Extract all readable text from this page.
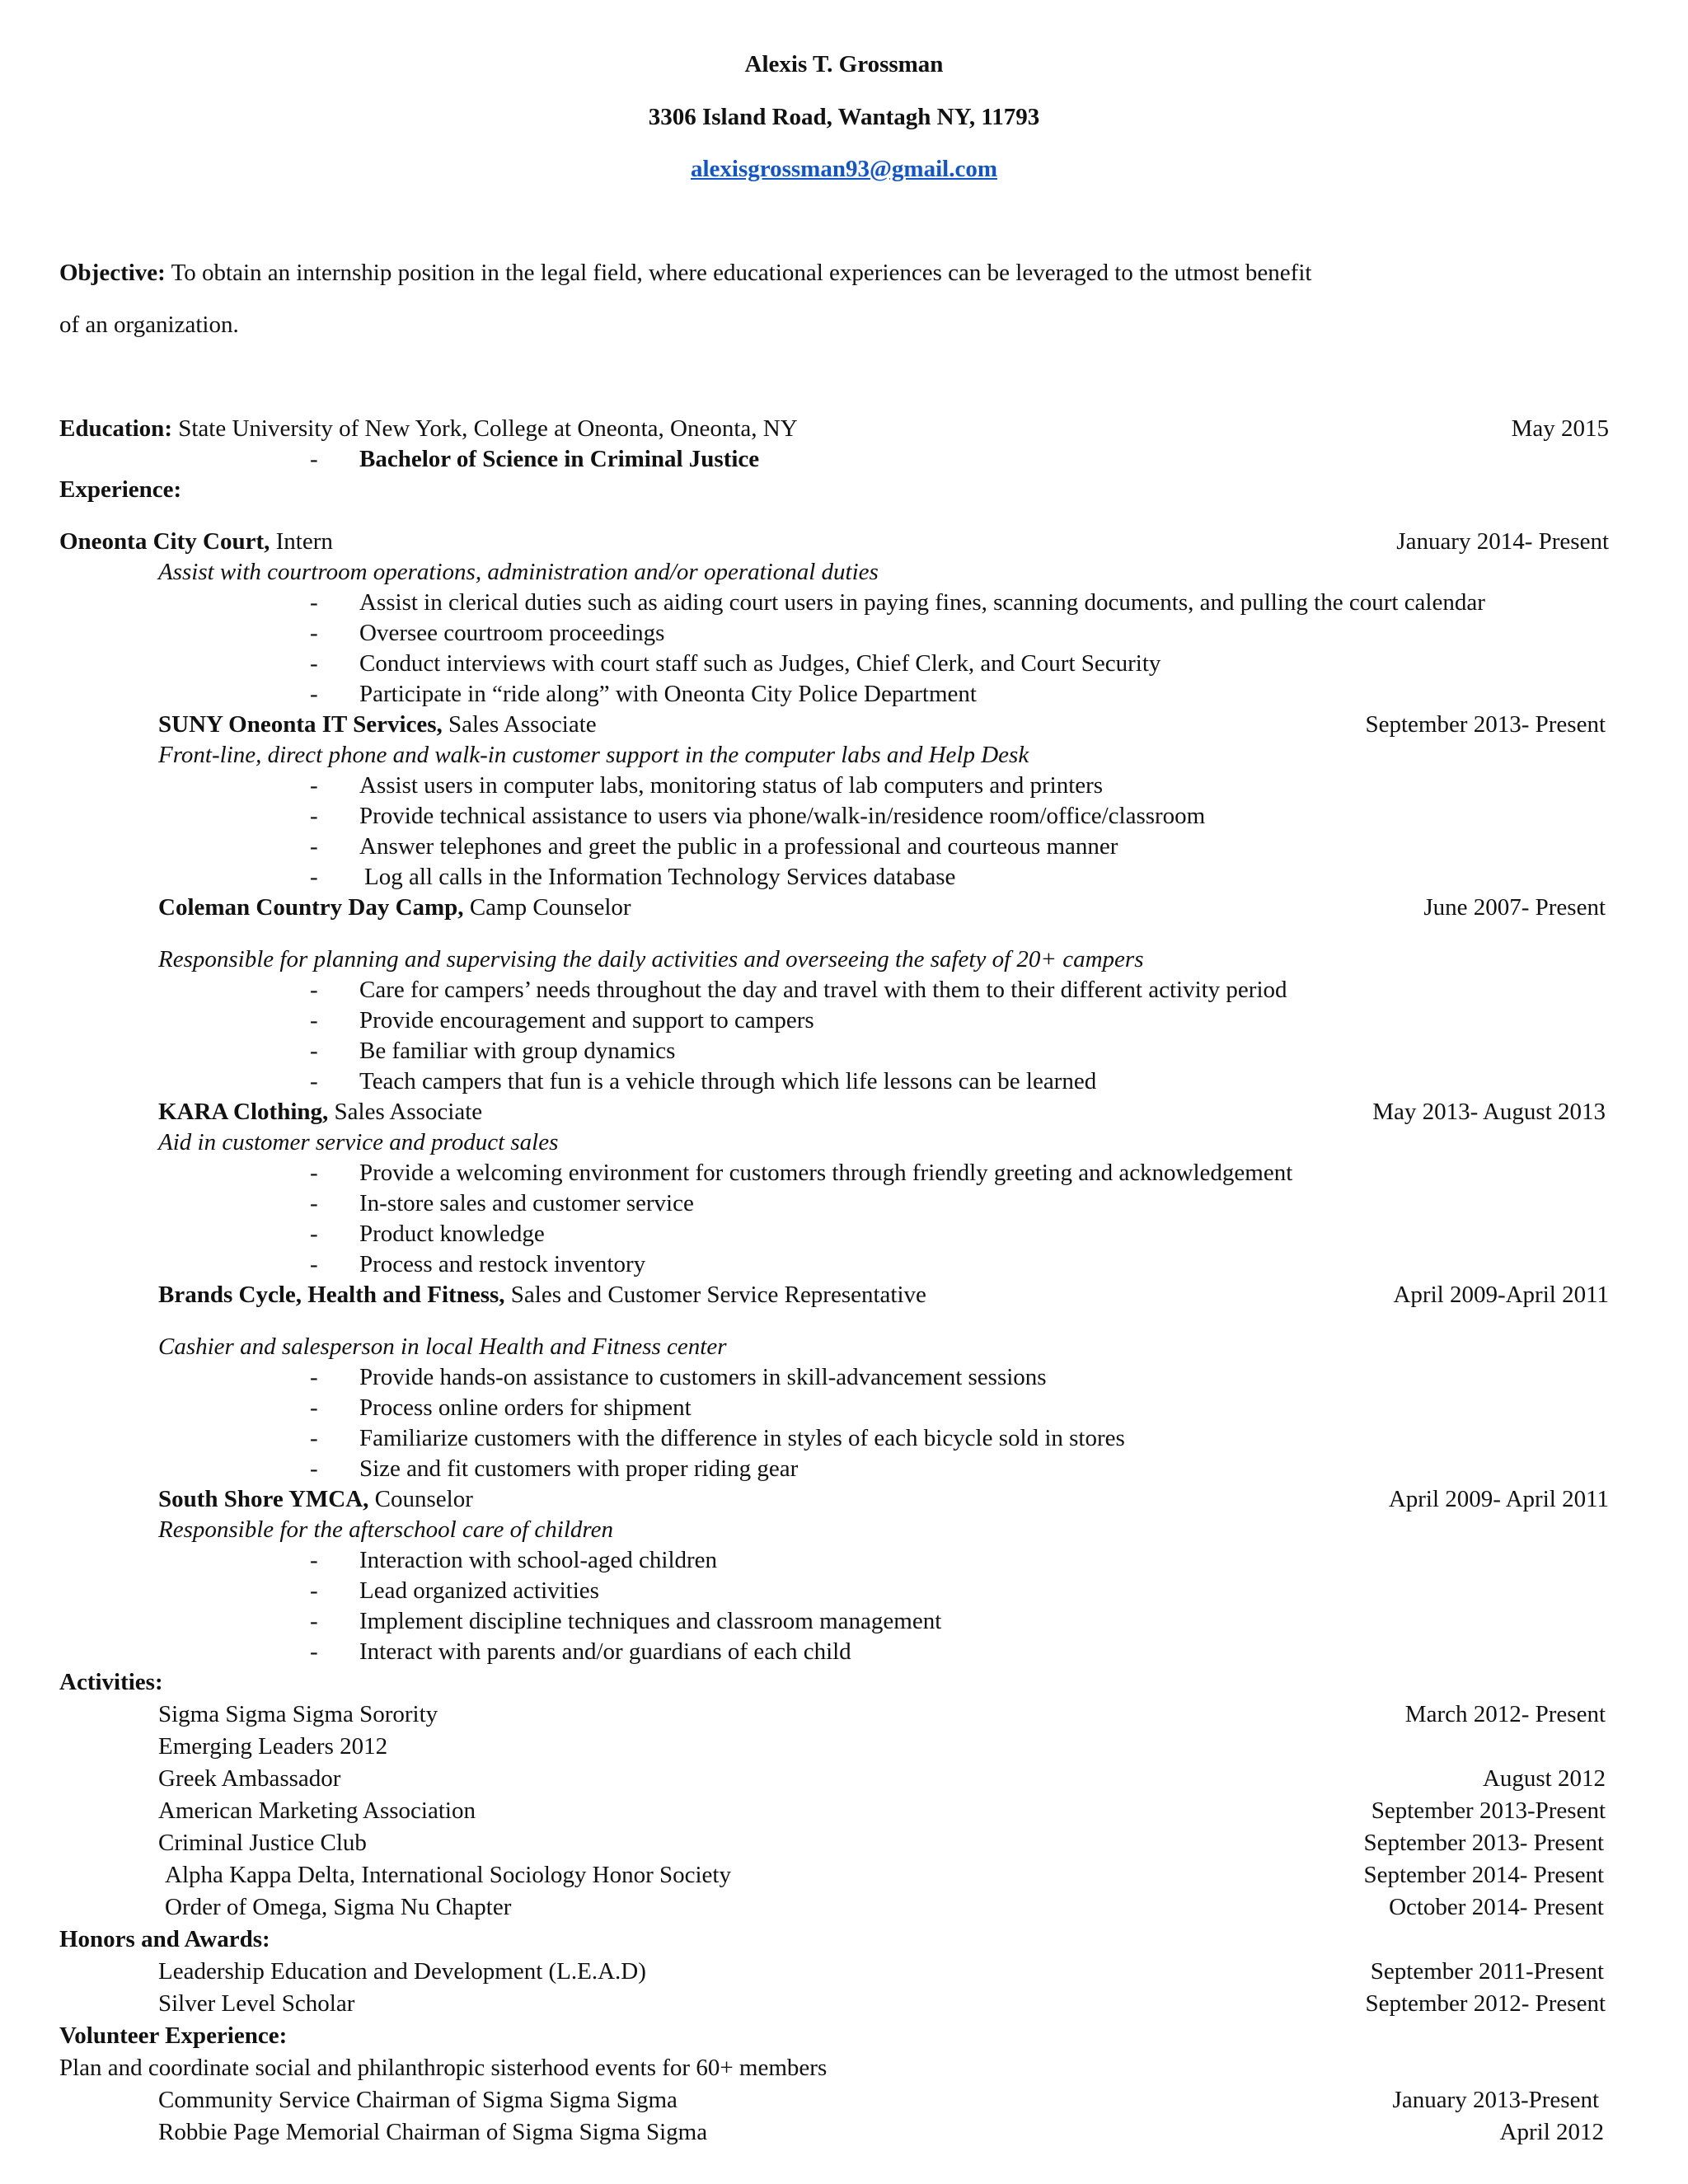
Alexis T. Grossman
3306 Island Road, Wantagh NY, 11793
alexisgrossman93@gmail.com
Objective: To obtain an internship position in the legal field, where educational experiences can be leveraged to the utmost benefit
of an organization.
Education: State University of New York, College at Oneonta, Oneonta, NY	May 2015
- Bachelor of Science in Criminal Justice
Experience:
Oneonta City Court, Intern	January 2014- Present
Assist with courtroom operations, administration and/or operational duties
- Assist in clerical duties such as aiding court users in paying fines, scanning documents, and pulling the court calendar
- Oversee courtroom proceedings
- Conduct interviews with court staff such as Judges, Chief Clerk, and Court Security
- Participate in “ride along” with Oneonta City Police Department
SUNY Oneonta IT Services, Sales Associate	September 2013- Present
Front-line, direct phone and walk-in customer support in the computer labs and Help Desk
- Assist users in computer labs, monitoring status of lab computers and printers
- Provide technical assistance to users via phone/walk-in/residence room/office/classroom
- Answer telephones and greet the public in a professional and courteous manner
- Log all calls in the Information Technology Services database
Coleman Country Day Camp, Camp Counselor	June 2007- Present
Responsible for planning and supervising the daily activities and overseeing the safety of 20+ campers
- Care for campers’ needs throughout the day and travel with them to their different activity period
- Provide encouragement and support to campers
- Be familiar with group dynamics
- Teach campers that fun is a vehicle through which life lessons can be learned
KARA Clothing, Sales Associate	May 2013- August 2013
Aid in customer service and product sales
- Provide a welcoming environment for customers through friendly greeting and acknowledgement
- In-store sales and customer service
- Product knowledge
- Process and restock inventory
Brands Cycle, Health and Fitness, Sales and Customer Service Representative	April 2009-April 2011
Cashier and salesperson in local Health and Fitness center
- Provide hands-on assistance to customers in skill-advancement sessions
- Process online orders for shipment
- Familiarize customers with the difference in styles of each bicycle sold in stores
- Size and fit customers with proper riding gear
South Shore YMCA, Counselor	April 2009- April 2011
Responsible for the afterschool care of children
- Interaction with school-aged children
- Lead organized activities
- Implement discipline techniques and classroom management
- Interact with parents and/or guardians of each child
Activities:
Sigma Sigma Sigma Sorority	March 2012- Present
Emerging Leaders 2012
Greek Ambassador	August 2012
American Marketing Association	September 2013-Present
Criminal Justice Club	September 2013- Present
Alpha Kappa Delta, International Sociology Honor Society	September 2014- Present
Order of Omega, Sigma Nu Chapter	October 2014- Present
Honors and Awards:
Leadership Education and Development (L.E.A.D)	September 2011-Present
Silver Level Scholar	September 2012- Present
Volunteer Experience:
Plan and coordinate social and philanthropic sisterhood events for 60+ members
Community Service Chairman of Sigma Sigma Sigma	January 2013-Present
Robbie Page Memorial Chairman of Sigma Sigma Sigma	April 2012
